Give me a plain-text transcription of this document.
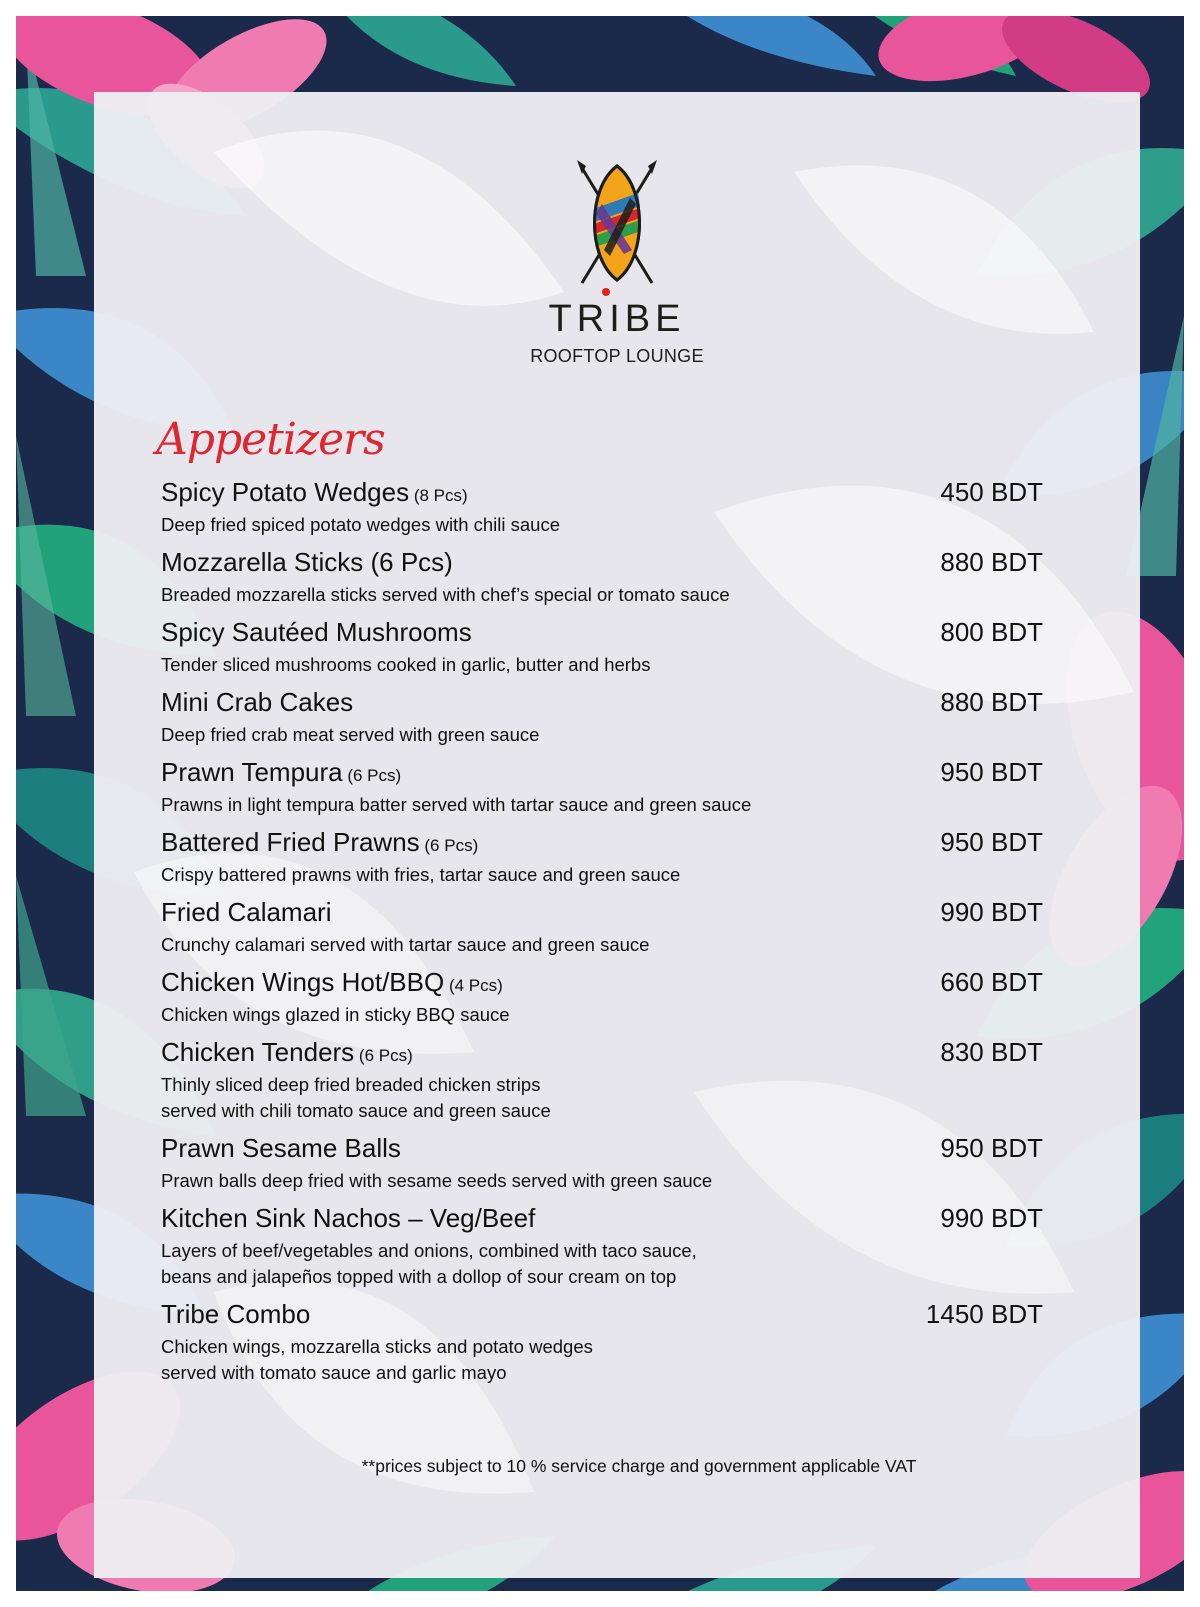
TRIBE
ROOFTOP LOUNGE
Appetizers
Spicy Potato Wedges (8 Pcs)	450 BDT
Deep fried spiced potato wedges with chili sauce
Mozzarella Sticks (6 Pcs)	880 BDT
Breaded mozzarella sticks served with chef’s special or tomato sauce
Spicy Sautéed Mushrooms	800 BDT
Tender sliced mushrooms cooked in garlic, butter and herbs
Mini Crab Cakes	880 BDT
Deep fried crab meat served with green sauce
Prawn Tempura (6 Pcs)	950 BDT
Prawns in light tempura batter served with tartar sauce and green sauce
Battered Fried Prawns (6 Pcs)	950 BDT
Crispy battered prawns with fries, tartar sauce and green sauce
Fried Calamari	990 BDT
Crunchy calamari served with tartar sauce and green sauce
Chicken Wings Hot/BBQ (4 Pcs)	660 BDT
Chicken wings glazed in sticky BBQ sauce
Chicken Tenders (6 Pcs)	830 BDT
Thinly sliced deep fried breaded chicken strips
served with chili tomato sauce and green sauce
Prawn Sesame Balls	950 BDT
Prawn balls deep fried with sesame seeds served with green sauce
Kitchen Sink Nachos – Veg/Beef	990 BDT
Layers of beef/vegetables and onions, combined with taco sauce,
beans and jalapeños topped with a dollop of sour cream on top
Tribe Combo	1450 BDT
Chicken wings, mozzarella sticks and potato wedges
served with tomato sauce and garlic mayo
**prices subject to 10 % service charge and government applicable VAT
